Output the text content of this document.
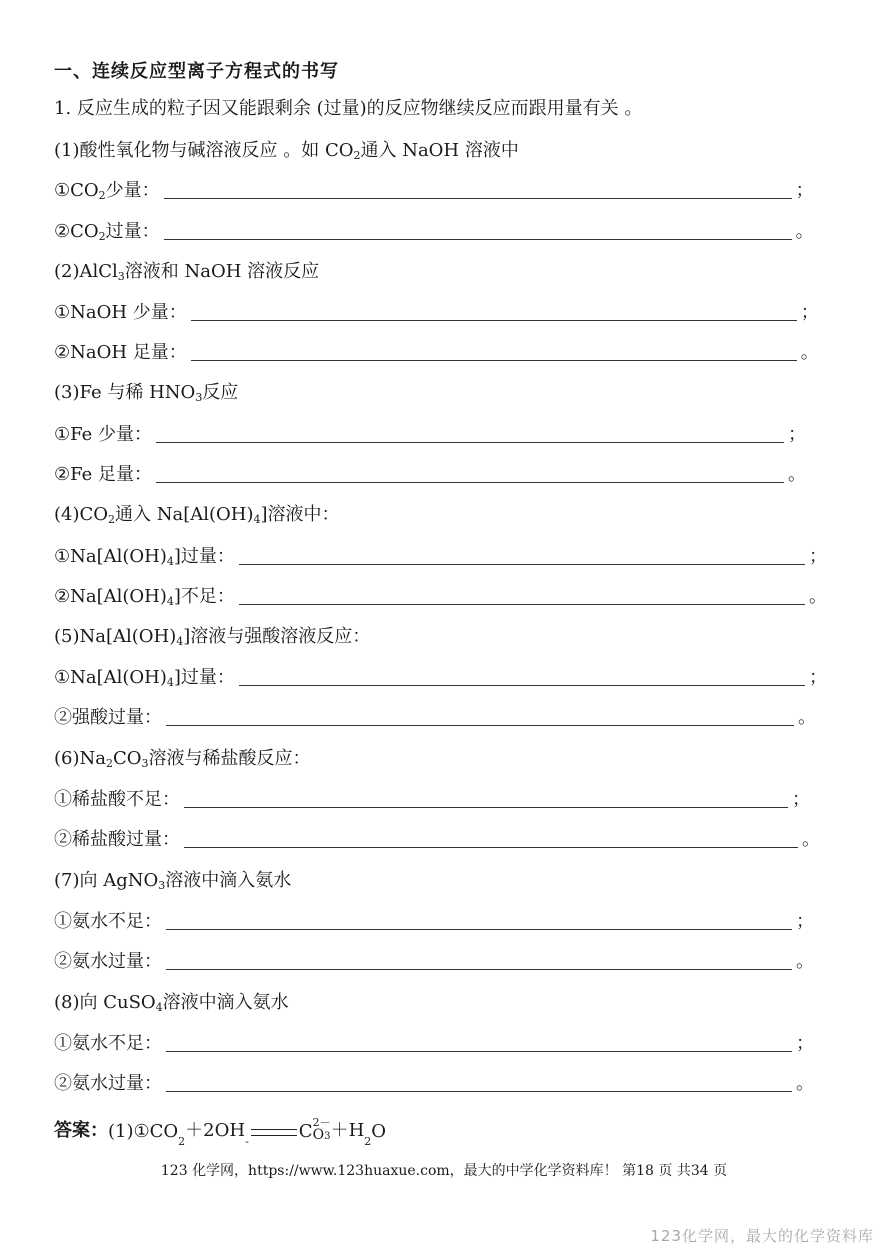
一、连续反应型离子方程式的书写
1. 反应生成的粒子因又能跟剩余 (过量)的反应物继续反应而跟用量有关 。
(1)酸性氧化物与碱溶液反应 。如 $CO_2$通入 NaOH 溶液中
$①CO_2$少量：	；
$②CO_2$过量：	。
(2)AlCl$_3$溶液和 NaOH 溶液反应
①NaOH 少量：	；
②NaOH 足量：	。
(3)Fe 与稀 $HNO_3$反应
①Fe 少量：	；
②Fe 足量：	。
$(4)CO_2$通入 $Na[Al(OH)_4]$溶液中：
$①Na[Al(OH)_4]$过量：	；
$②Na[Al(OH)_4]$不足：	。
$(5)Na[Al(OH)_4]$溶液与强酸溶液反应：
$①Na[Al(OH)_4]$过量：	；
②强酸过量：	。
$(6)Na_2CO_3$溶液与稀盐酸反应：
①稀盐酸不足：	；
②稀盐酸过量：	。
(7)向 AgNO$_3$溶液中滴入氨水
①氨水不足：	；
②氨水过量：	。
(8)向 CuSO$_4$溶液中滴入氨水
①氨水不足：	；
②氨水过量：	。
答案： (1)①CO 2
＋2OH
-	C 2－
O3 ＋H
2 O
123 化学网，https://www.123huaxue.com，最大的中学化学资料库！ 第18 页 共34 页
123化学网，最大的化学资料库
